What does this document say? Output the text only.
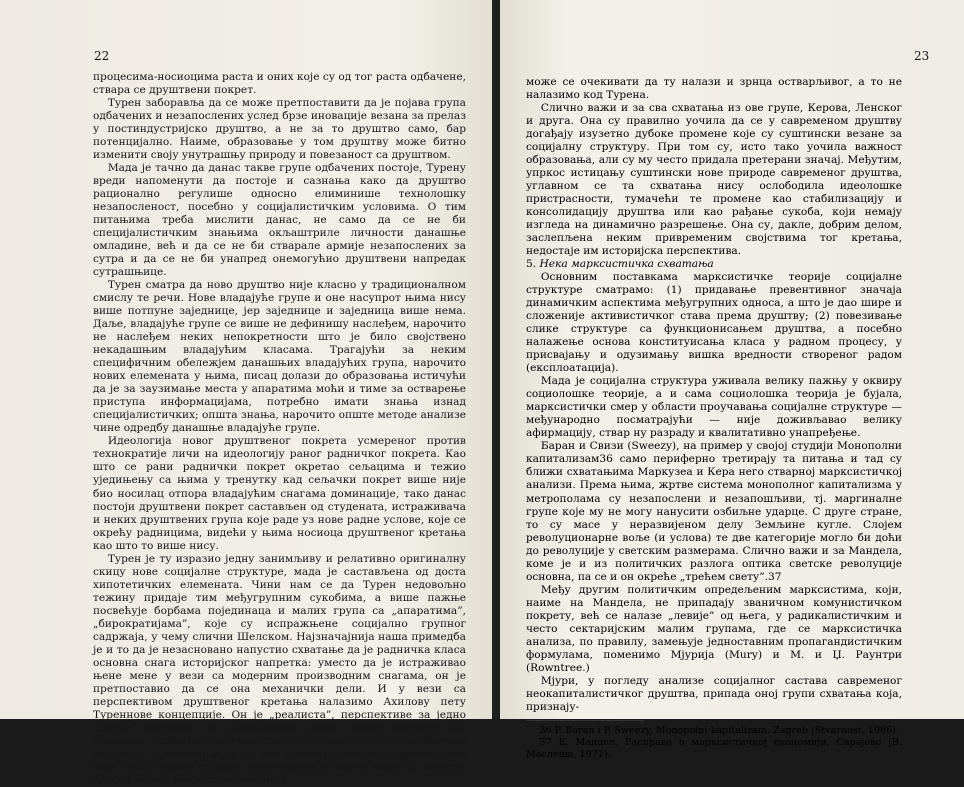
22

процесима-носиоцима раста и оних које су од тог раста одбачене, ствара се друштвени покрет.

Турен заборавља да се може претпоставити да је појава група одбачених и незапослених услед брзе иновације везана за прелаз у постиндустријско друштво, а не за то друштво само, бар потенцијално. Наиме, образовање у том друштву може битно изменити своју унутрашњу природу и повезаност са друштвом.

Мада је тачно да данас такве групе одбачених постоје, Турену вреди напоменути да постоје и сазнања како да друштво рационално регулише односно елиминише технолошку незапосленост, посебно у социјалистичким условима. О тим питањима треба мислити данас, не само да се не би специјалистичким знањима окљаштриле личности данашње омладине, већ и да се не би стварале армије незапослених за сутра и да се не би унапред онемогућио друштвени напредак сутрашњице.

Турен сматра да ново друштво није класно у традиционалном смислу те речи. Нове владајуће групе и оне насупрот њима нису више потпуне заједнице, јер заједнице и заједница више нема. Даље, владајуће групе се више не дефинишу наслеђем, нарочито не наслеђем неких непокретности што је било својствено некадашњим владајућим класама. Трагајући за неким специфичним обележјем данашњих владајућих група, нарочито нових елемената у њима, писац долази до образовања истичући да је за заузимање места у апаратима моћи и тиме за остварење приступа информацијама, потребно имати знања изнад специјалистичких; општа знања, нарочито опште методе анализе чине одредбу данашње владајуће групе.

Идеологија новог друштвеног покрета усмереног против технократије личи на идеологију раног радничког покрета. Као што се рани раднички покрет окретао сељацима и тежио уједињењу са њима у тренутку кад сељачки покрет више није био носилац отпора владајућим снагама доминације, тако данас постоји друштвени покрет састављен од студената, истраживача и неких друштвених група које раде уз нове радне услове, које се окрећу радницима, видећи у њима носиоца друштвеног кретања као што то више нису.

Турен је ту изразио једну занимљиву и релативно оригиналну скицу нове социјалне структуре, мада је састављена од доста хипотетичких елемената. Чини нам се да Турен недовољно тежину придаје тим међугрупним сукобима, а више пажње посвећује борбама појединаца и малих група са „апаратима”, „бирократијама”, које су испражњене социјално групног садржаја, у чему слични Шелском. Најзначајнија наша примедба је и то да је незасновано напустио схватање да је радничка класа основна снага историјског напретка: уместо да је истраживао њене мене у вези са модерним производним снагама, он је претпоставио да се она механички дели. И у вези са перспективом друштвеног кретања налазимо Ахилову пету Туреннове концепције. Он је „реалиста”, перспективе за једно „добро” друштво, за социјализам, нема. Такве пројекте он, углавном, одбацује као утопистичке. Разлог за то се делимично налази и у чињеници да су сви пројекти изнети у француском мају 1968. године стварно неостварени у виду у којем су изнети. Али од једног теоретског мисиоца

23

може се очекивати да ту налази и зрнца остварљивог, а то не налазимо код Турена.

Слично важи и за сва схватања из ове групе, Керова, Ленског и друга. Она су правилно уочила да се у савременом друштву догађају изузетно дубоке промене које су суштински везане за социјалну структуру. При том су, исто тако уочила важност образовања, али су му често придала претерани значај. Међутим, упркос истицању суштински нове природе савременог друштва, углавном се та схватања нису ослободила идеолошке пристрасности, тумачећи те промене као стабилизацију и консолидацију друштва или као рађање сукоба, који немају изгледа на динамично разрешење. Она су, дакле, добрим делом, заслепљена неким привременим својствима тог кретања, недостаје им историјска перспектива.

5. Нека марксистичка схватања

Основним поставкама марксистичке теорије социјалне структуре сматрамо: (1) придавање превентивног значаја динамичким аспектима међугрупних односа, а што је дао шире и сложеније активистичког става према друштву; (2) повезивање слике структуре са функционисањем друштва, а посебно налажење основа конституисања класа у радном процесу, у присвајању и одузимању вишка вредности створеног радом (експлоатација).

Мада је социјална структура уживала велику пажњу у оквиру социолошке теорије, а и сама социолошка теорија је бујала, марксистички смер у области проучавања социјалне структуре — међународно посматрајући — није доживљавао велику афирмацију, ствар ну разраду и квалитативно унапређење.

Баран и Свизи (Sweezy), на пример у својој студији Монополни капитализам36 само периферно третирају та питања и тад су ближи схватањима Маркузеа и Кера него стварној марксистичкој анализи. Према њима, жртве система монополног капитализма у метрополама су незапослени и незапошљиви, тј. маргиналне групе које му не могу нанусити озбиљне ударце. С друге стране, то су масе у неразвијеном делу Земљине кугле. Слојем револуционарне воље (и услова) те две категорије могло би доћи до револуције у светским размерама. Слично важи и за Мандела, коме је и из политичких разлога оптика светске револуције основна, па се и он окреће „трећем свету”.37

Међу другим политичким опредељеним марксистима, који, наиме на Мандела, не припадају званичном комунистичком покрету, већ се налазе „левије” од њега, у радикалистичким и често сектаријским малим групама, где се марксистичка анализа, по правилу, замењује једноставним пропагандистичким формулама, поменимо Мјурија (Murу) и М. и Џ. Раунтри (Rowntree.)

Мјури, у погледу анализе социјалног састава савременог неокапиталистичког друштва, припада оној групи схватања која, признају-

36 P. Baran i P. Sweezy, Monopolni kapitalizam, Zagreb (Stvarnost, 1966).

37 Е. Мандел, Расправа о марксистичкој економији, Сарајево (В. Маслеша, 1971).
